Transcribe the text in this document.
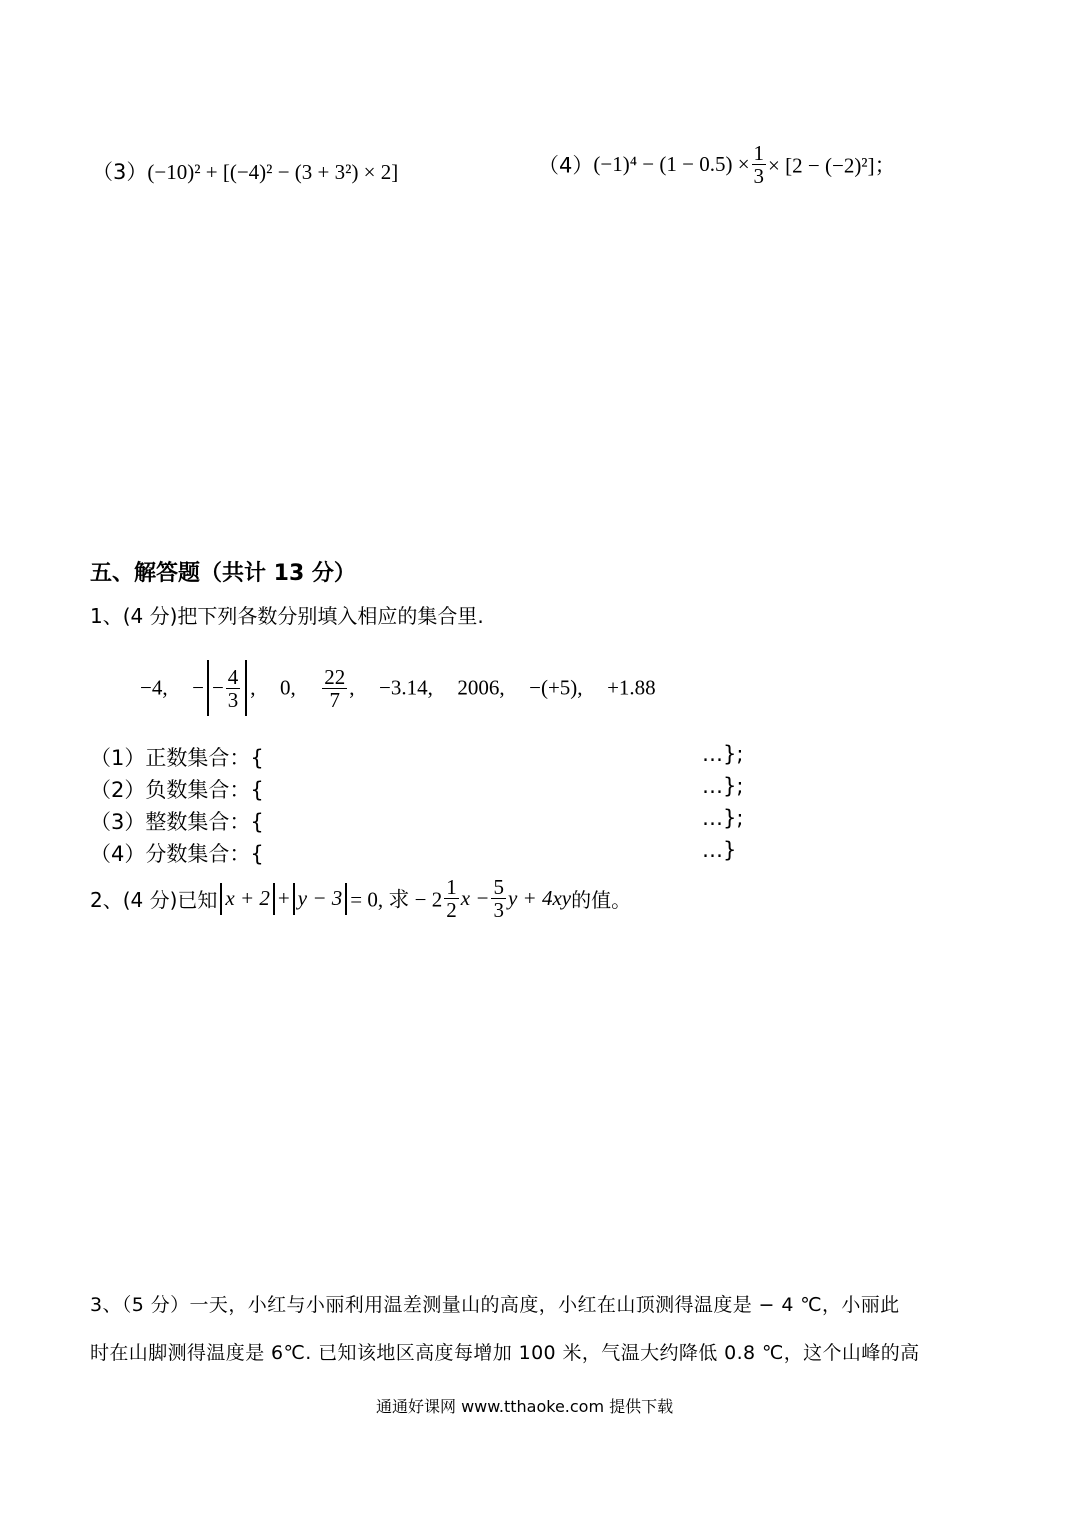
（3）(−10)² + [(−4)² − (3 + 3²) × 2]	$(4)(-1)^4 - (1 - 0.5) \times \frac{1}{3} \times [2 - (-2)^2]$；
五、解答题（共计 13 分）
1、(4 分)把下列各数分别填入相应的集合里.
−4, − − $\frac{4}{3}$ , 0, $\frac{22}{7}$ , −3.14, 2006, −(+5), +1.88
（1）正数集合：{	…};
（2）负数集合：{	…};
（3）整数集合：{	…};
（4）分数集合：{	…}
2、(4 分)已知 x + 2 + y − 3 = 0, 求 − $2 \frac{1}{2}$ $x - \frac{5}{3}$ y + 4xy的值。
3、（5 分）一天，小红与小丽利用温差测量山的高度，小红在山顶测得温度是 − 4 ℃，小丽此
时在山脚测得温度是 6℃. 已知该地区高度每增加 100 米，气温大约降低 0.8 ℃，这个山峰的高
通通好课网 www.tthaoke.com 提供下载
